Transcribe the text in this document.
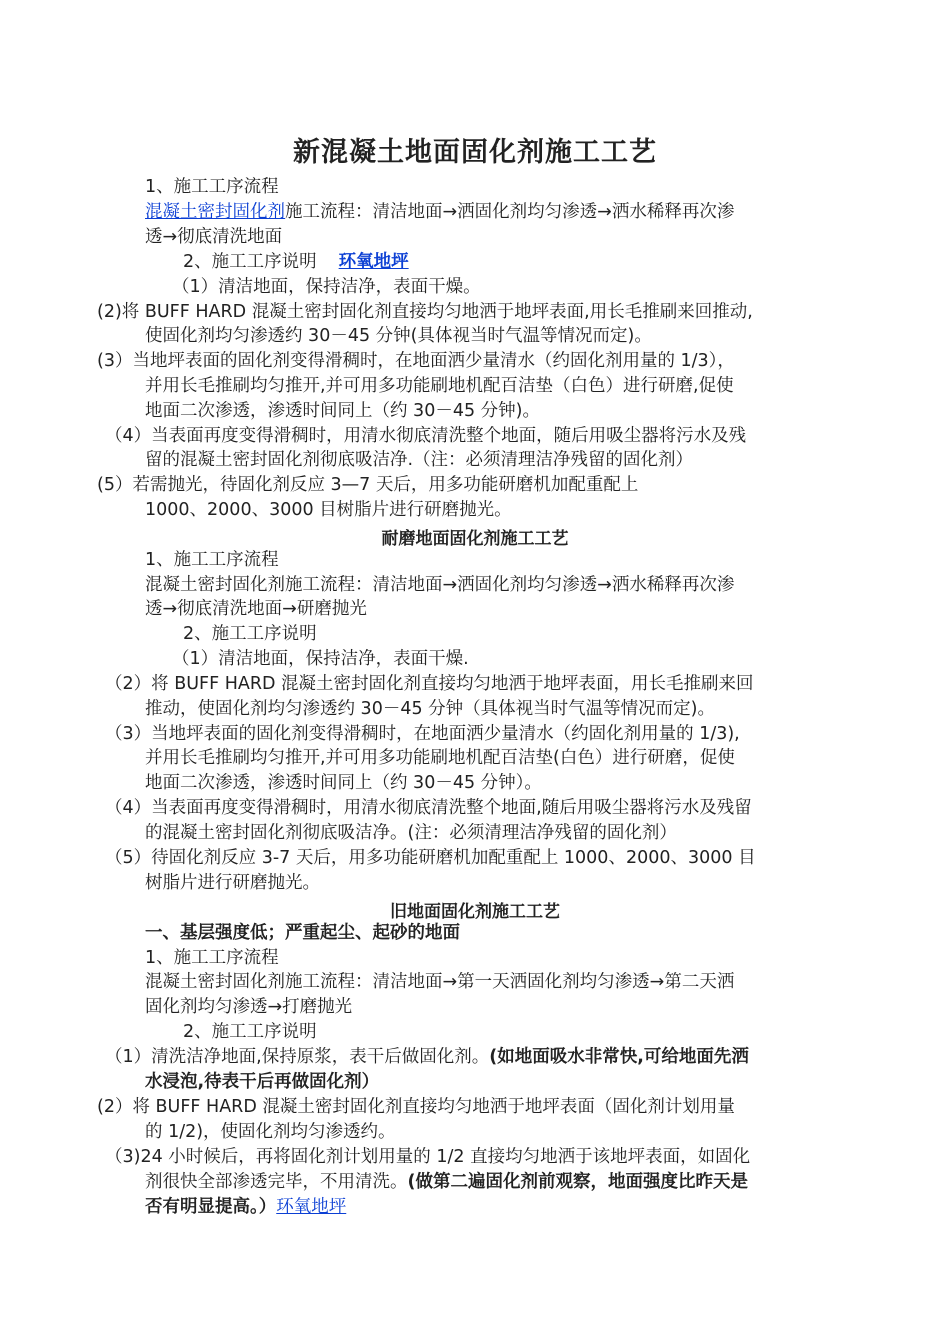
新混凝土地面固化剂施工工艺
1、施工工序流程
混凝土密封固化剂施工流程：清洁地面→洒固化剂均匀渗透→洒水稀释再次渗
透→彻底清洗地面
2、施工工序说明 环氧地坪
（1）清洁地面，保持洁净，表面干燥。
(2)将 BUFF HARD 混凝土密封固化剂直接均匀地洒于地坪表面,用长毛推刷来回推动,
使固化剂均匀渗透约 30－45 分钟(具体视当时气温等情况而定)。
(3）当地坪表面的固化剂变得滑稠时，在地面洒少量清水（约固化剂用量的 1/3），
并用长毛推刷均匀推开,并可用多功能刷地机配百洁垫（白色）进行研磨,促使
地面二次渗透，渗透时间同上（约 30－45 分钟)。
（4）当表面再度变得滑稠时，用清水彻底清洗整个地面，随后用吸尘器将污水及残
留的混凝土密封固化剂彻底吸洁净.（注：必须清理洁净残留的固化剂）
(5）若需抛光，待固化剂反应 3—7 天后，用多功能研磨机加配重配上
1000、2000、3000 目树脂片进行研磨抛光。
耐磨地面固化剂施工工艺
1、施工工序流程
混凝土密封固化剂施工流程：清洁地面→洒固化剂均匀渗透→洒水稀释再次渗
透→彻底清洗地面→研磨抛光
2、施工工序说明
（1）清洁地面，保持洁净，表面干燥.
（2）将 BUFF HARD 混凝土密封固化剂直接均匀地洒于地坪表面，用长毛推刷来回
推动，使固化剂均匀渗透约 30－45 分钟（具体视当时气温等情况而定)。
（3）当地坪表面的固化剂变得滑稠时，在地面洒少量清水（约固化剂用量的 1/3),
并用长毛推刷均匀推开,并可用多功能刷地机配百洁垫(白色）进行研磨，促使
地面二次渗透，渗透时间同上（约 30－45 分钟）。
（4）当表面再度变得滑稠时，用清水彻底清洗整个地面,随后用吸尘器将污水及残留
的混凝土密封固化剂彻底吸洁净。(注：必须清理洁净残留的固化剂）
（5）待固化剂反应 3-7 天后，用多功能研磨机加配重配上 1000、2000、3000 目
树脂片进行研磨抛光。
旧地面固化剂施工工艺
一、基层强度低；严重起尘、起砂的地面
1、施工工序流程
混凝土密封固化剂施工流程：清洁地面→第一天洒固化剂均匀渗透→第二天洒
固化剂均匀渗透→打磨抛光
2、施工工序说明
（1）清洗洁净地面,保持原浆，表干后做固化剂。(如地面吸水非常快,可给地面先洒
水浸泡,待表干后再做固化剂）
(2）将 BUFF HARD 混凝土密封固化剂直接均匀地洒于地坪表面（固化剂计划用量
的 1/2)，使固化剂均匀渗透约。
（3)24 小时候后，再将固化剂计划用量的 1/2 直接均匀地洒于该地坪表面，如固化
剂很快全部渗透完毕，不用清洗。(做第二遍固化剂前观察，地面强度比昨天是
否有明显提高。）环氧地坪
